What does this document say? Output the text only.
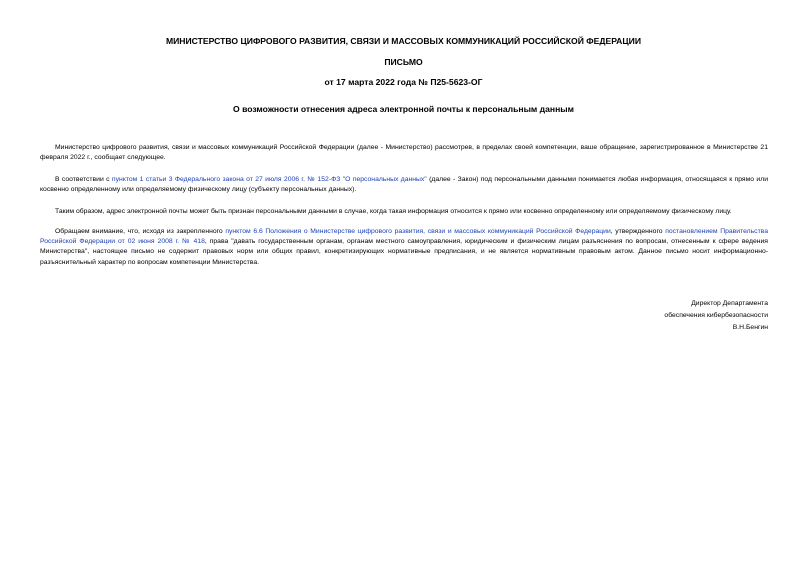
МИНИСТЕРСТВО ЦИФРОВОГО РАЗВИТИЯ, СВЯЗИ И МАССОВЫХ КОММУНИКАЦИЙ РОССИЙСКОЙ ФЕДЕРАЦИИ
ПИСЬМО
от 17 марта 2022 года № П25-5623-ОГ
О возможности отнесения адреса электронной почты к персональным данным

Министерство цифрового развития, связи и массовых коммуникаций Российской Федерации (далее - Министерство) рассмотрев, в пределах своей компетенции, ваше обращение, зарегистрированное в Министерстве 21 февраля 2022 г., сообщает следующее.

В соответствии с пунктом 1 статьи 3 Федерального закона от 27 июля 2006 г. № 152-ФЗ "О персональных данных" (далее - Закон) под персональными данными понимается любая информация, относящаяся к прямо или косвенно определенному или определяемому физическому лицу (субъекту персональных данных).

Таким образом, адрес электронной почты может быть признан персональными данными в случае, когда такая информация относится к прямо или косвенно определенному или определяемому физическому лицу.

Обращаем внимание, что, исходя из закрепленного пунктом 6.6 Положения о Министерстве цифрового развития, связи и массовых коммуникаций Российской Федерации, утвержденного постановлением Правительства Российской Федерации от 02 июня 2008 г. № 418, права "давать государственным органам, органам местного самоуправления, юридическим и физическим лицам разъяснения по вопросам, отнесенным к сфере ведения Министерства", настоящее письмо не содержит правовых норм или общих правил, конкретизирующих нормативные предписания, и не является нормативным правовым актом. Данное письмо носит информационно-разъяснительный характер по вопросам компетенции Министерства.

Директор Департамента
обеспечения кибербезопасности
В.Н.Бенгин
